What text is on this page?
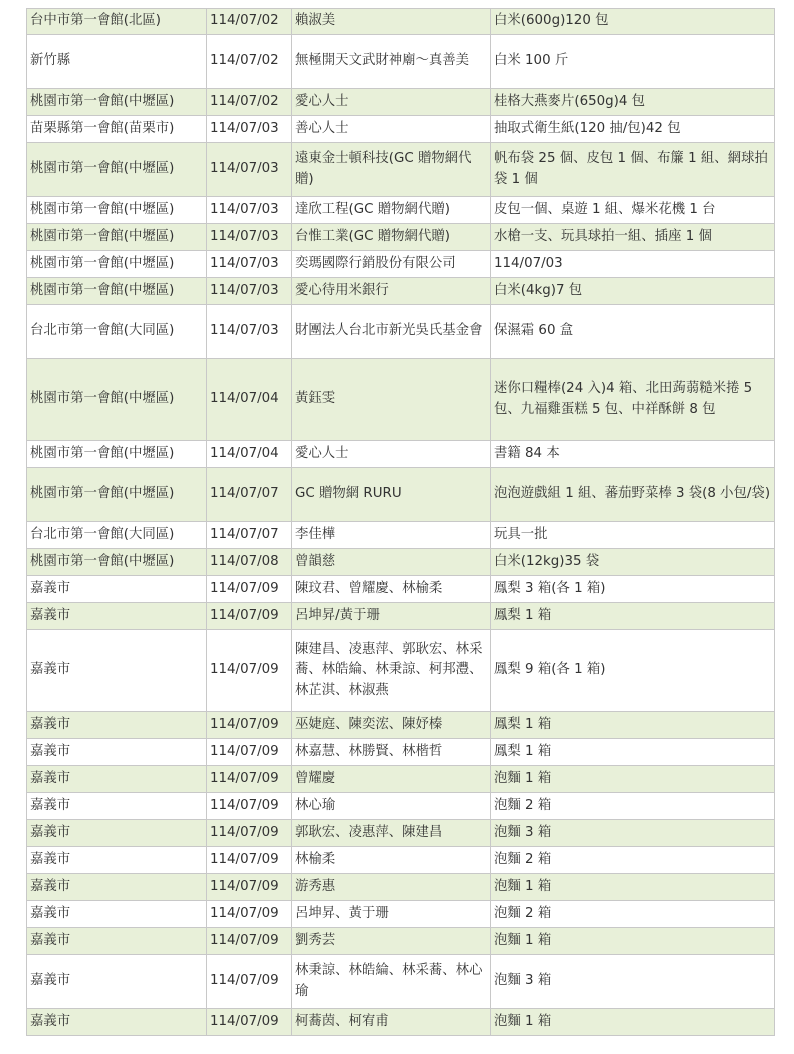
台中市第一會館(北區)	114/07/02	賴淑美	白米(600g)120 包
新竹縣	114/07/02	無極開天文武財神廟～真善美	白米 100 斤
桃園市第一會館(中壢區)	114/07/02	愛心人士	桂格大燕麥片(650g)4 包
苗栗縣第一會館(苗栗市)	114/07/03	善心人士	抽取式衛生紙(120 抽/包)42 包
桃園市第一會館(中壢區)	114/07/03	遠東金士頓科技(GC 贈物網代贈)	帆布袋 25 個、皮包 1 個、布簾 1 組、網球拍袋 1 個
桃園市第一會館(中壢區)	114/07/03	達欣工程(GC 贈物網代贈)	皮包一個、桌遊 1 組、爆米花機 1 台
桃園市第一會館(中壢區)	114/07/03	台惟工業(GC 贈物網代贈)	水槍一支、玩具球拍一組、插座 1 個
桃園市第一會館(中壢區)	114/07/03	奕瑪國際行銷股份有限公司	114/07/03
桃園市第一會館(中壢區)	114/07/03	愛心待用米銀行	白米(4kg)7 包
台北市第一會館(大同區)	114/07/03	財團法人台北市新光吳氏基金會	保濕霜 60 盒
桃園市第一會館(中壢區)	114/07/04	黃鈺雯	迷你口糧棒(24 入)4 箱、北田蒟蒻糙米捲 5 包、九福雞蛋糕 5 包、中祥酥餅 8 包
桃園市第一會館(中壢區)	114/07/04	愛心人士	書籍 84 本
桃園市第一會館(中壢區)	114/07/07	GC 贈物網 RURU	泡泡遊戲組 1 組、蕃茄野菜棒 3 袋(8 小包/袋)
台北市第一會館(大同區)	114/07/07	李佳樺	玩具一批
桃園市第一會館(中壢區)	114/07/08	曾韻慈	白米(12kg)35 袋
嘉義市	114/07/09	陳玟君、曾耀慶、林榆柔	鳳梨 3 箱(各 1 箱)
嘉義市	114/07/09	呂坤昇/黃于珊	鳳梨 1 箱
嘉義市	114/07/09	陳建昌、凌惠萍、郭耿宏、林采蕎、林皓綸、林秉諒、柯邦灃、林芷淇、林淑燕	鳳梨 9 箱(各 1 箱)
嘉義市	114/07/09	巫婕庭、陳奕浤、陳妤榛	鳳梨 1 箱
嘉義市	114/07/09	林嘉慧、林勝賢、林楷哲	鳳梨 1 箱
嘉義市	114/07/09	曾耀慶	泡麵 1 箱
嘉義市	114/07/09	林心瑜	泡麵 2 箱
嘉義市	114/07/09	郭耿宏、凌惠萍、陳建昌	泡麵 3 箱
嘉義市	114/07/09	林榆柔	泡麵 2 箱
嘉義市	114/07/09	游秀惠	泡麵 1 箱
嘉義市	114/07/09	呂坤昇、黃于珊	泡麵 2 箱
嘉義市	114/07/09	劉秀芸	泡麵 1 箱
嘉義市	114/07/09	林秉諒、林皓綸、林采蕎、林心瑜	泡麵 3 箱
嘉義市	114/07/09	柯蕎茵、柯宥甫	泡麵 1 箱
